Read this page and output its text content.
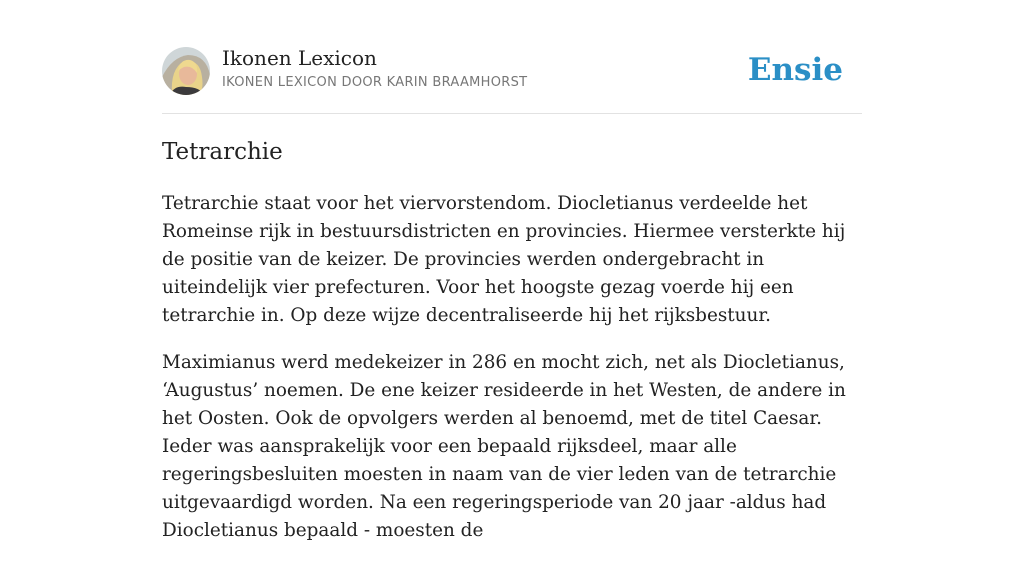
Ikonen Lexicon
IKONEN LEXICON DOOR KARIN BRAAMHORST	Ensie
Tetrarchie

Tetrarchie staat voor het viervorstendom. Diocletianus verdeelde het Romeinse rijk in bestuursdistricten en provincies. Hiermee versterkte hij de positie van de keizer. De provincies werden ondergebracht in uiteindelijk vier prefecturen. Voor het hoogste gezag voerde hij een tetrarchie in. Op deze wijze decentraliseerde hij het rijksbestuur.

Maximianus werd medekeizer in 286 en mocht zich, net als Diocletianus, ‘Augustus’ noemen. De ene keizer resideerde in het Westen, de andere in het Oosten. Ook de opvolgers werden al benoemd, met de titel Caesar. Ieder was aansprakelijk voor een bepaald rijksdeel, maar alle regeringsbesluiten moesten in naam van de vier leden van de tetrarchie uitgevaardigd worden. Na een regeringsperiode van 20 jaar -aldus had Diocletianus bepaald - moesten de
